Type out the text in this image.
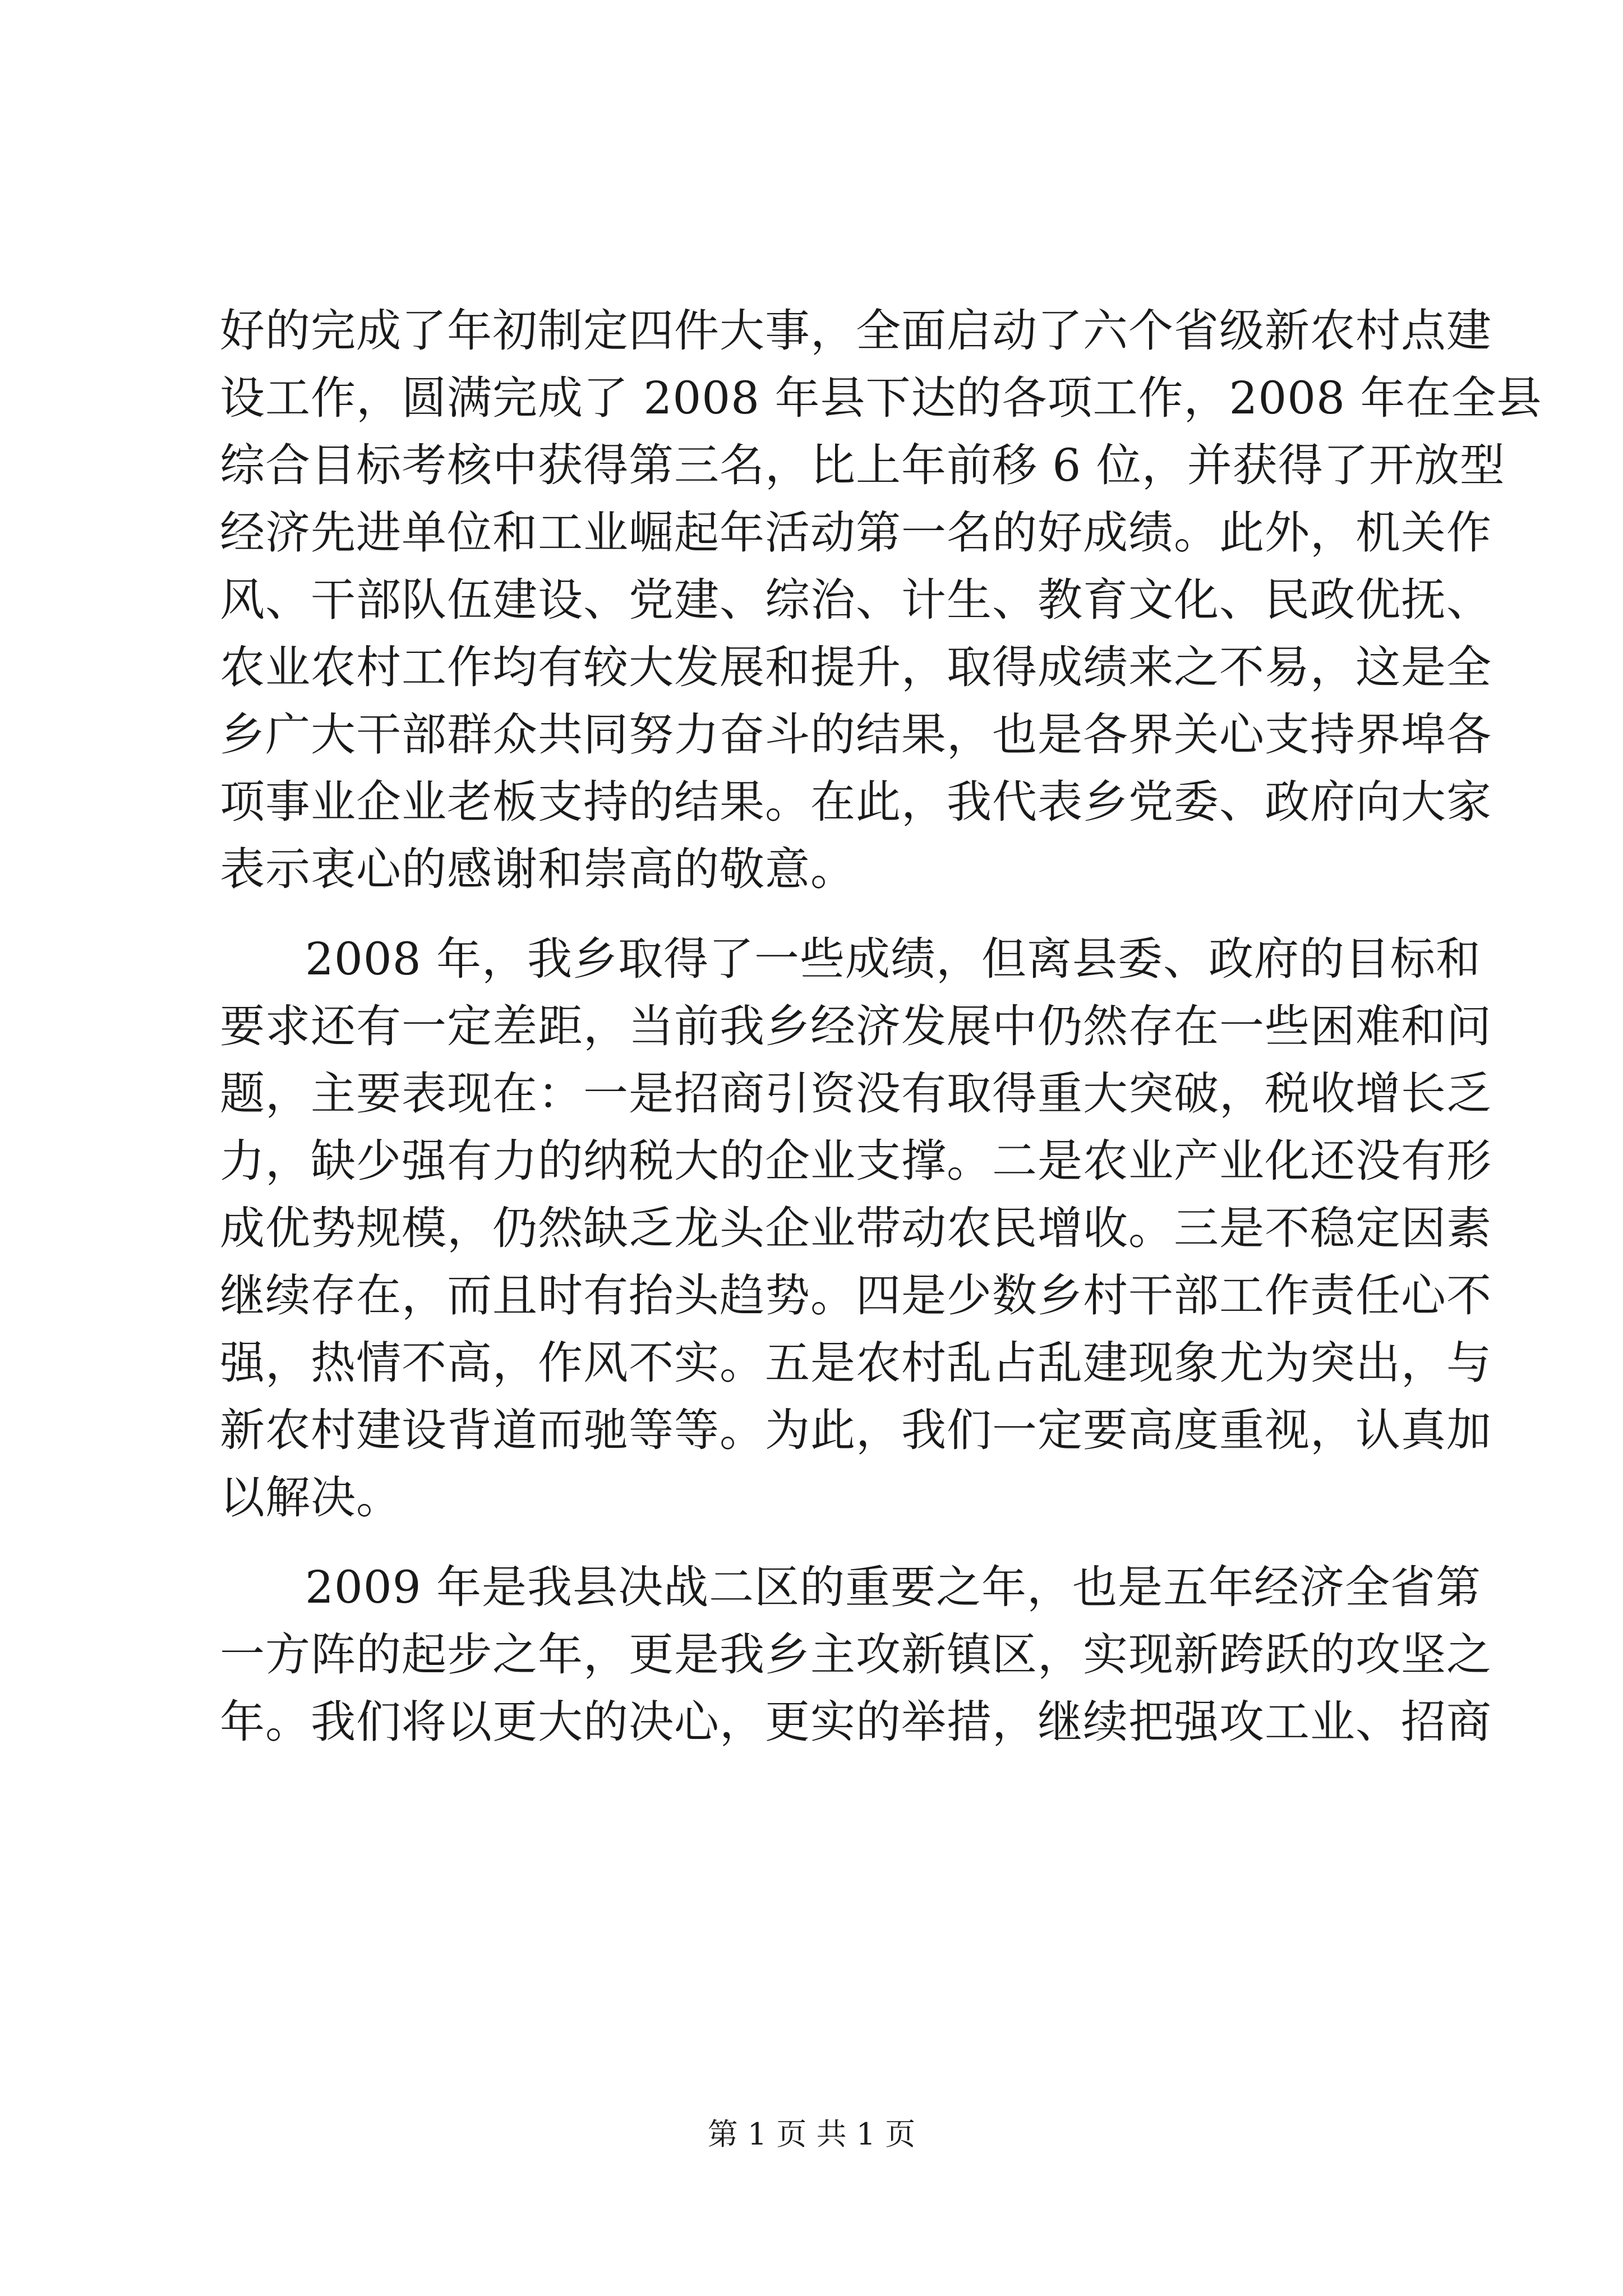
好的完成了年初制定四件大事，全面启动了六个省级新农村点建
设工作，圆满完成了 2008 年县下达的各项工作，2008 年在全县
综合目标考核中获得第三名，比上年前移 6 位，并获得了开放型
经济先进单位和工业崛起年活动第一名的好成绩。此外，机关作
风、干部队伍建设、党建、综治、计生、教育文化、民政优抚、
农业农村工作均有较大发展和提升，取得成绩来之不易，这是全
乡广大干部群众共同努力奋斗的结果，也是各界关心支持界埠各
项事业企业老板支持的结果。在此，我代表乡党委、政府向大家
表示衷心的感谢和崇高的敬意。
2008 年，我乡取得了一些成绩，但离县委、政府的目标和
要求还有一定差距，当前我乡经济发展中仍然存在一些困难和问
题，主要表现在：一是招商引资没有取得重大突破，税收增长乏
力，缺少强有力的纳税大的企业支撑。二是农业产业化还没有形
成优势规模，仍然缺乏龙头企业带动农民增收。三是不稳定因素
继续存在，而且时有抬头趋势。四是少数乡村干部工作责任心不
强，热情不高，作风不实。五是农村乱占乱建现象尤为突出，与
新农村建设背道而驰等等。为此，我们一定要高度重视，认真加
以解决。
2009 年是我县决战二区的重要之年，也是五年经济全省第
一方阵的起步之年，更是我乡主攻新镇区，实现新跨跃的攻坚之
年。我们将以更大的决心，更实的举措，继续把强攻工业、招商
第 1 页 共 1 页
